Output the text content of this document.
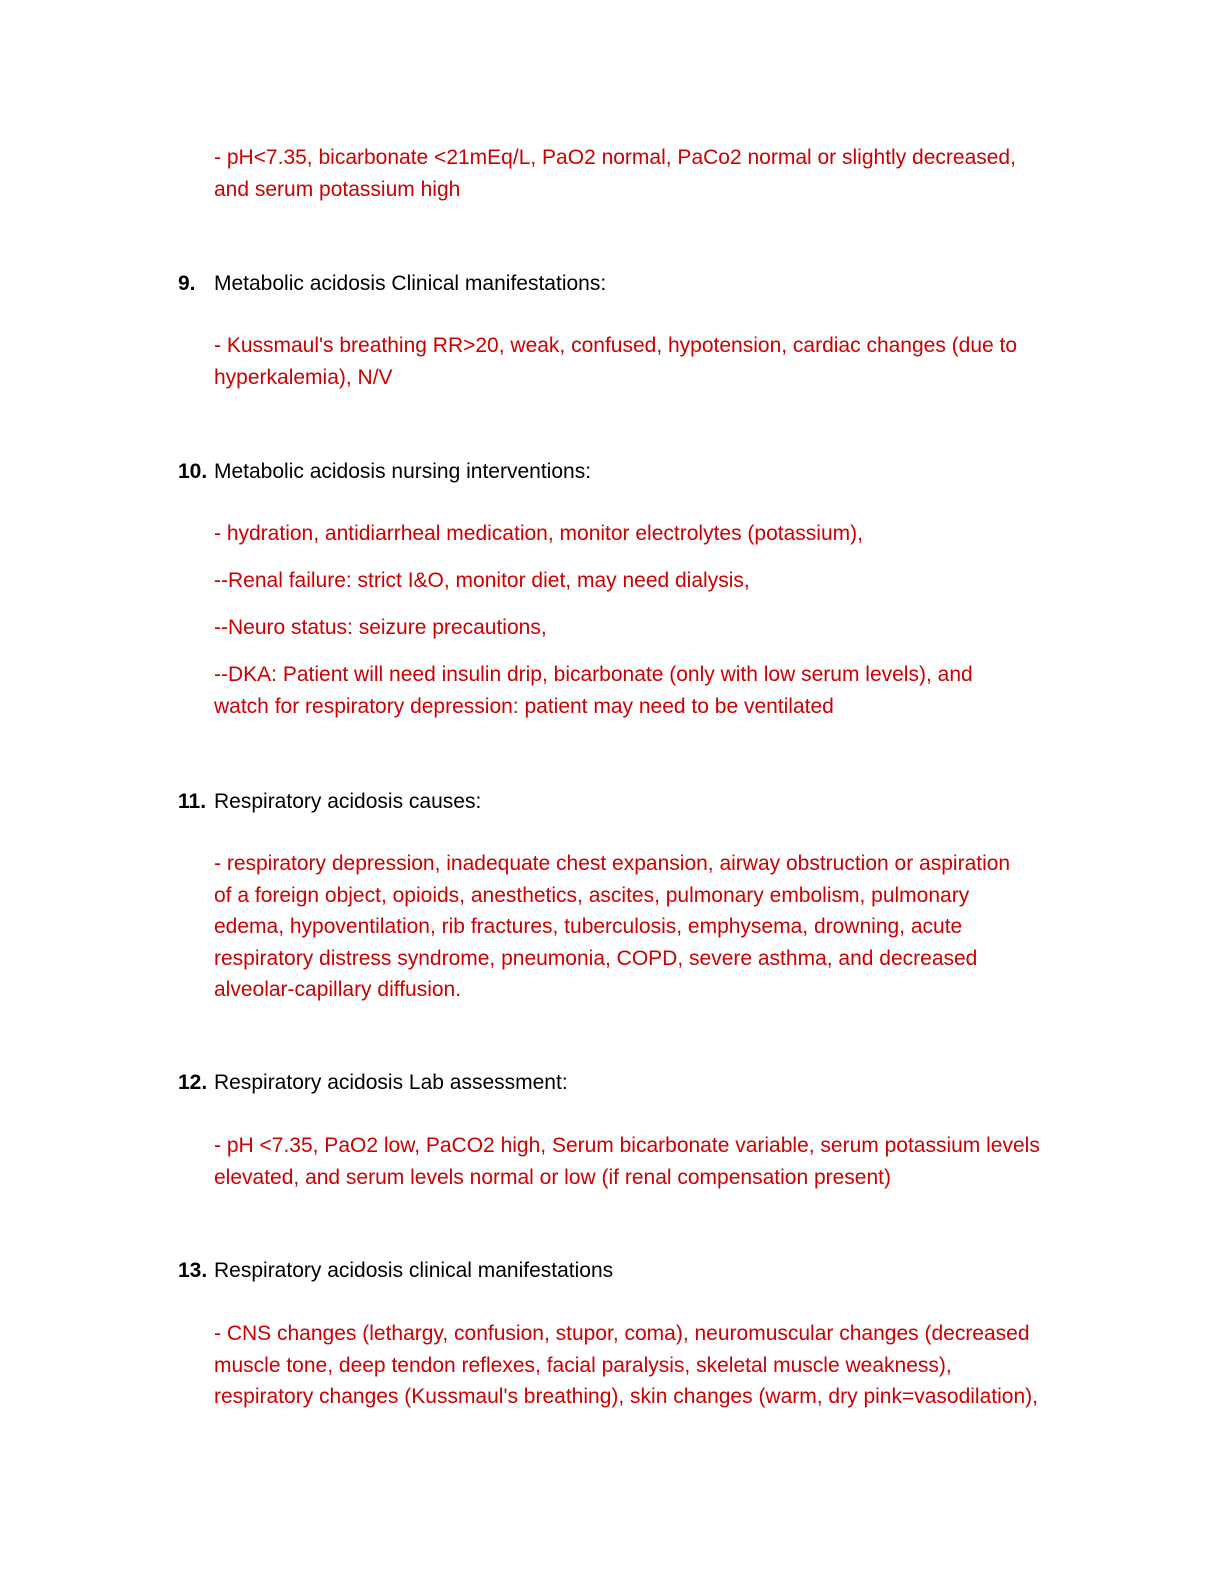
- pH<7.35, bicarbonate <21mEq/L, PaO2 normal, PaCo2 normal or slightly decreased,
and serum potassium high
9. Metabolic acidosis Clinical manifestations:
- Kussmaul's breathing RR>20, weak, confused, hypotension, cardiac changes (due to
hyperkalemia), N/V
10. Metabolic acidosis nursing interventions:
- hydration, antidiarrheal medication, monitor electrolytes (potassium),
--Renal failure: strict I&O, monitor diet, may need dialysis,
--Neuro status: seizure precautions,
--DKA: Patient will need insulin drip, bicarbonate (only with low serum levels), and
watch for respiratory depression: patient may need to be ventilated
11. Respiratory acidosis causes:
- respiratory depression, inadequate chest expansion, airway obstruction or aspiration
of a foreign object, opioids, anesthetics, ascites, pulmonary embolism, pulmonary
edema, hypoventilation, rib fractures, tuberculosis, emphysema, drowning, acute
respiratory distress syndrome, pneumonia, COPD, severe asthma, and decreased
alveolar-capillary diffusion.
12. Respiratory acidosis Lab assessment:
- pH <7.35, PaO2 low, PaCO2 high, Serum bicarbonate variable, serum potassium levels
elevated, and serum levels normal or low (if renal compensation present)
13. Respiratory acidosis clinical manifestations
- CNS changes (lethargy, confusion, stupor, coma), neuromuscular changes (decreased
muscle tone, deep tendon reflexes, facial paralysis, skeletal muscle weakness),
respiratory changes (Kussmaul's breathing), skin changes (warm, dry pink=vasodilation),
